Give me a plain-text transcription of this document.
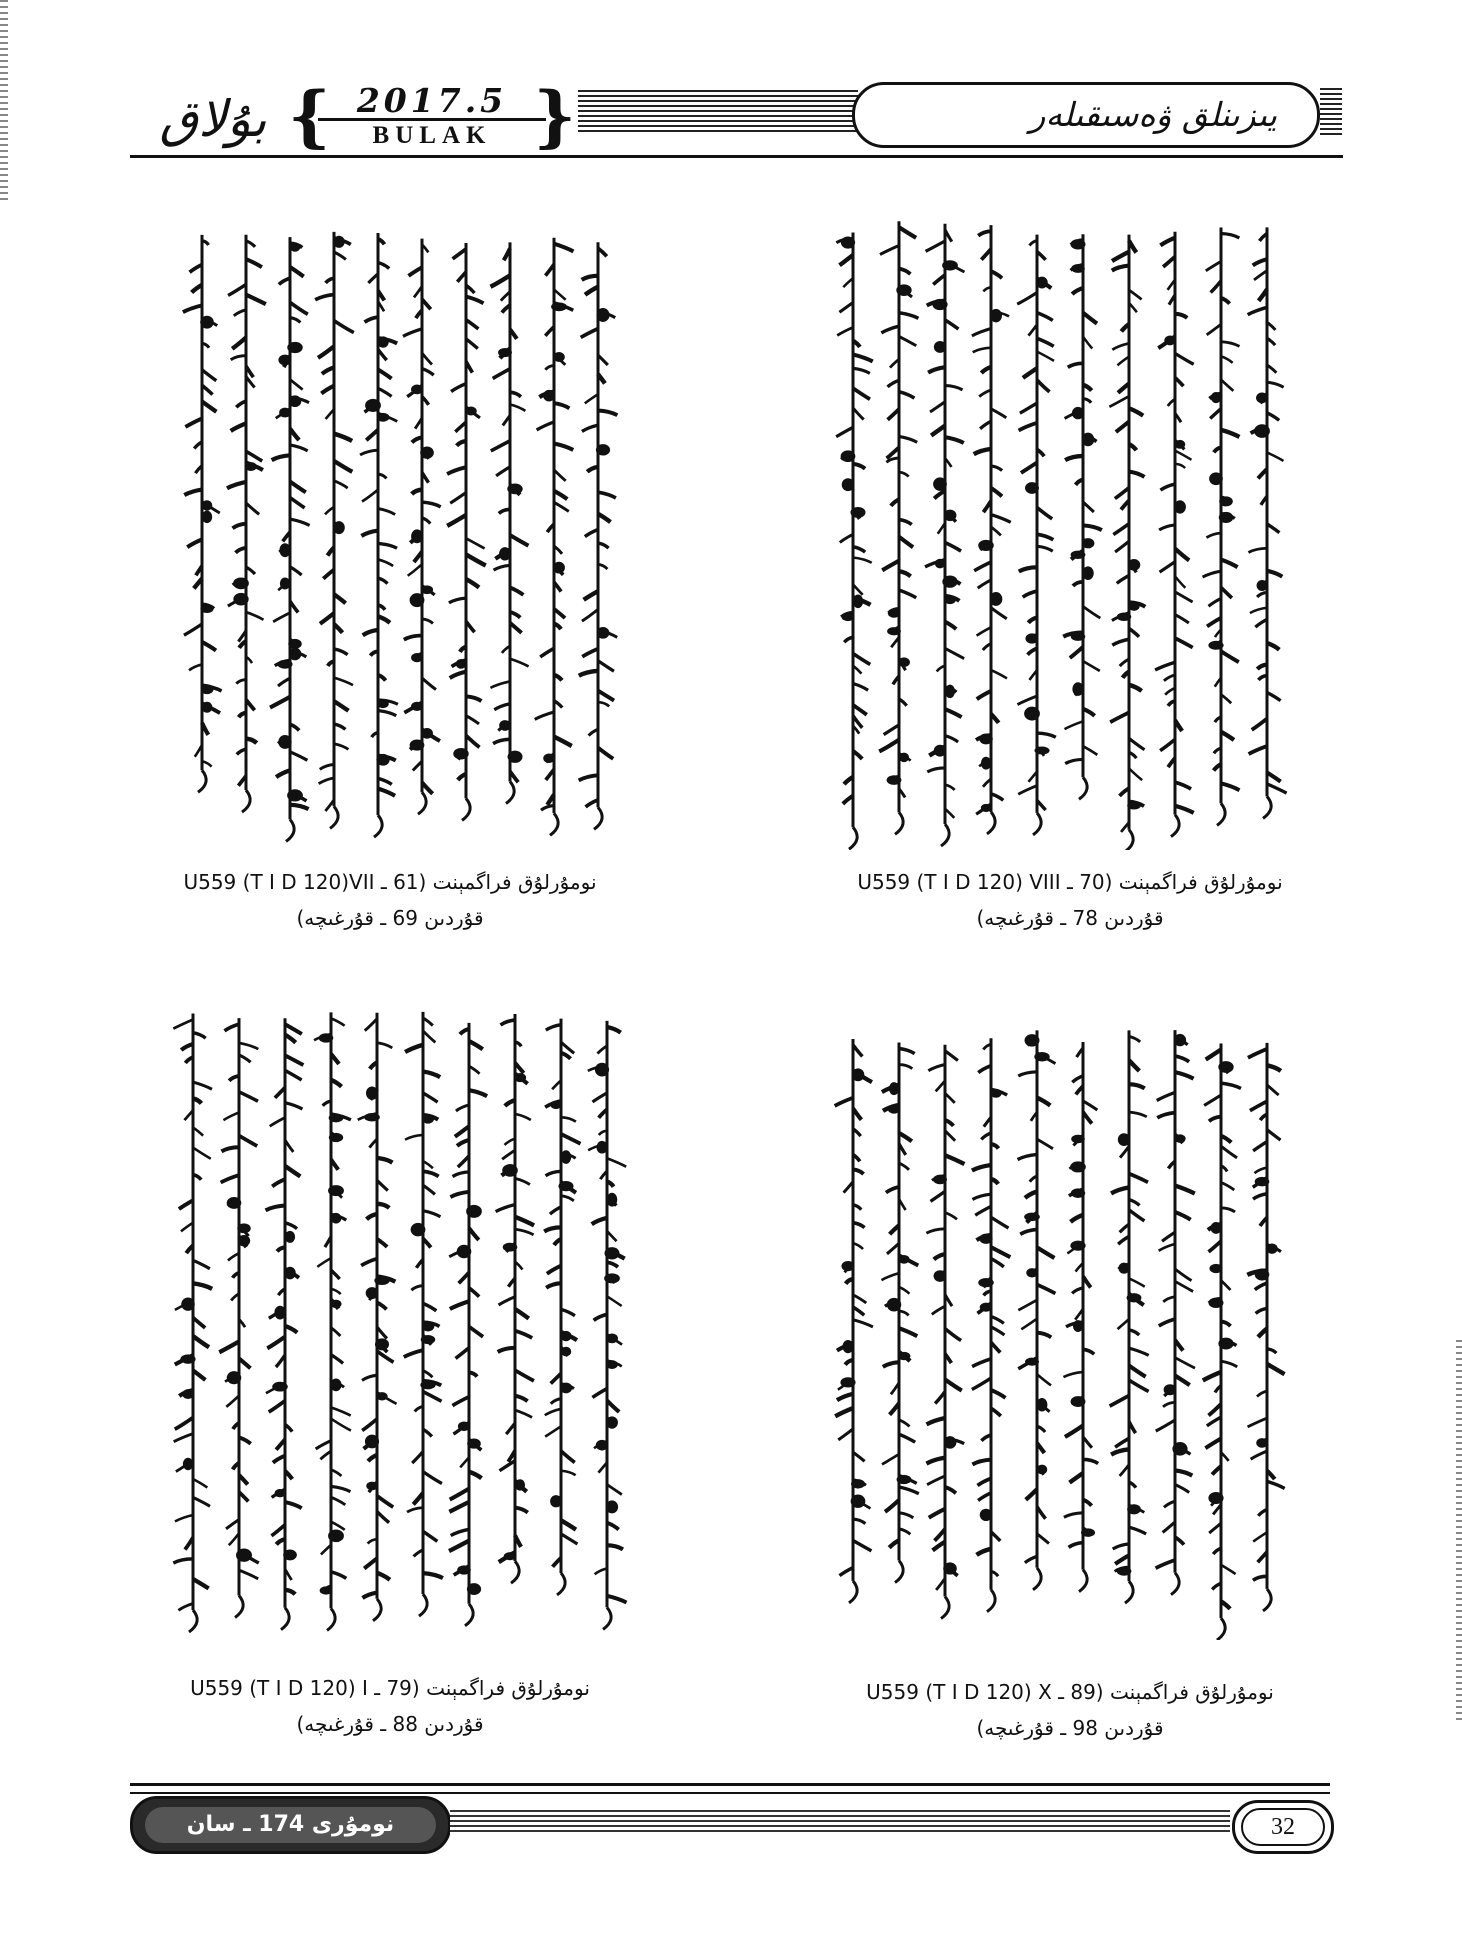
بۇلاق { 2017.5
BULAK }	يىزىنلق ۋەسىقىلەر
U559 (T I D 120) VIII نومۇرلۇق فراگمېنت (70 ـ
قۇردىن 78 ـ قۇرغىچە)
U559 (T I D 120)VII نومۇرلۇق فراگمېنت (61 ـ
قۇردىن 69 ـ قۇرغىچە)
U559 (T I D 120) X نومۇرلۇق فراگمېنت (89 ـ
قۇردىن 98 ـ قۇرغىچە)
U559 (T I D 120) I نومۇرلۇق فراگمېنت (79 ـ
قۇردىن 88 ـ قۇرغىچە)
نومۇرى 174 ـ سان	32
